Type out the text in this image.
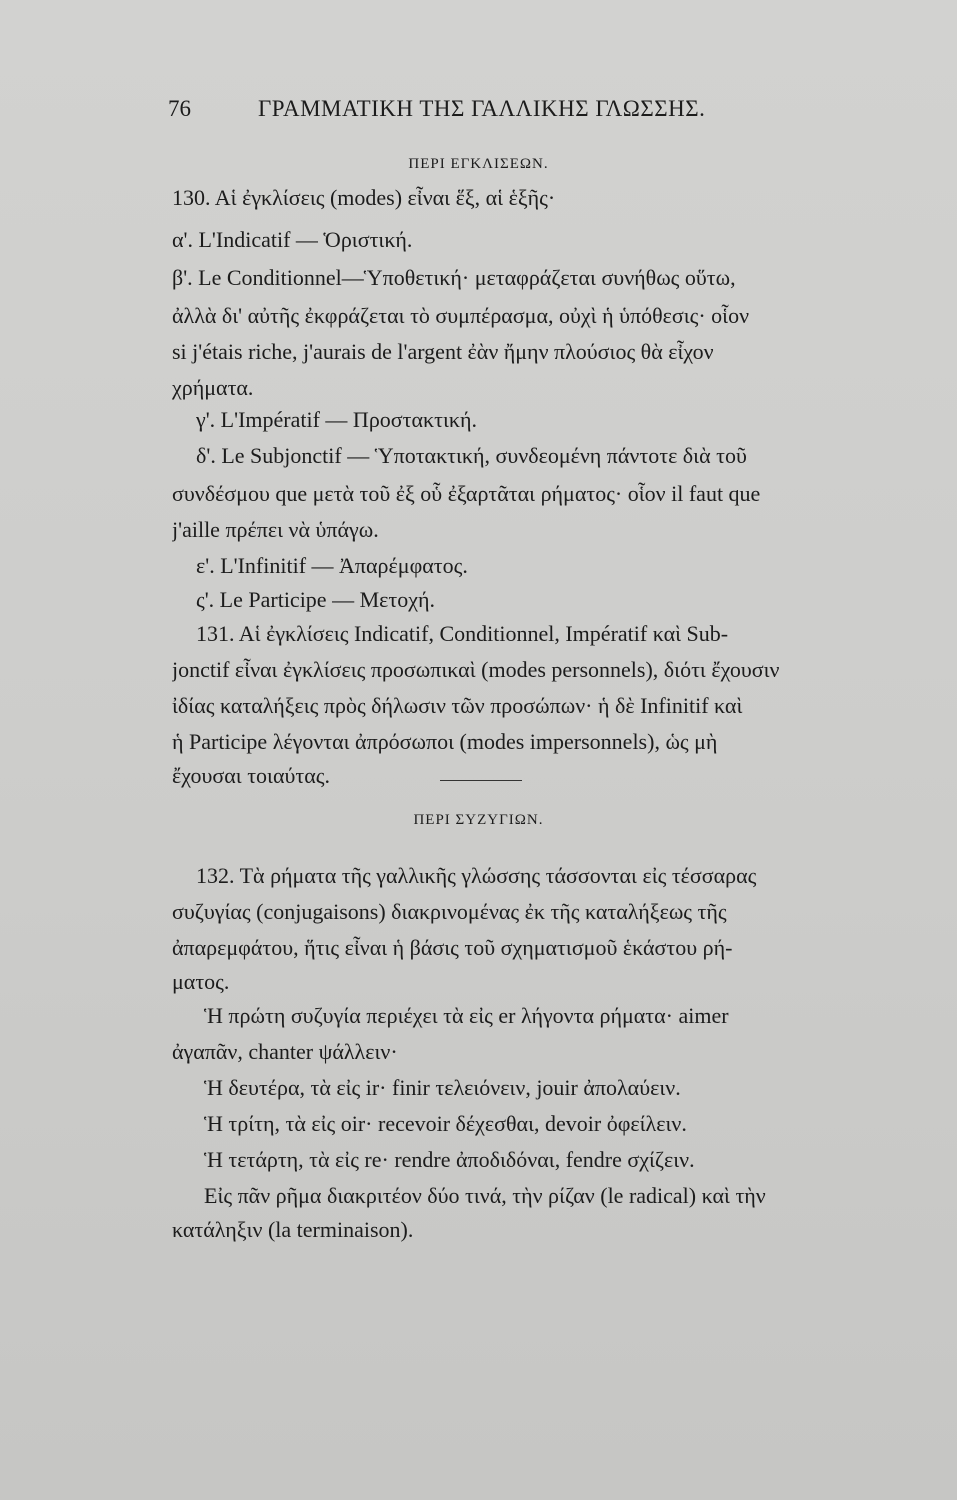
76	ΓΡΑΜΜΑΤΙΚΗ ΤΗΣ ΓΑΛΛΙΚΗΣ ΓΛΩΣΣΗΣ.
ΠΕΡΙ ΕΓΚΛΙΣΕΩΝ.
130. Αἱ ἐγκλίσεις (modes) εἶναι ἕξ, αἱ ἑξῆς·
α'. L'Indicatif — Ὁριστική.
β'. Le Conditionnel—Ὑποθετική· μεταφράζεται συνήθως οὕτω,
ἀλλὰ δι' αὐτῆς ἐκφράζεται τὸ συμπέρασμα, οὐχὶ ἡ ὑπόθεσις· οἷον
si j'étais riche, j'aurais de l'argent ἐὰν ἤμην πλούσιος θὰ εἶχον
χρήματα.
γ'. L'Impératif — Προστακτική.
δ'. Le Subjonctif — Ὑποτακτική, συνδεομένη πάντοτε διὰ τοῦ
συνδέσμου que μετὰ τοῦ ἐξ οὗ ἐξαρτᾶται ρήματος· οἷον il faut que
j'aille πρέπει νὰ ὑπάγω.
ε'. L'Infinitif — Ἀπαρέμφατος.
ς'. Le Participe — Μετοχή.
131. Αἱ ἐγκλίσεις Indicatif, Conditionnel, Impératif καὶ Sub-
jonctif εἶναι ἐγκλίσεις προσωπικαὶ (modes personnels), διότι ἔχουσιν
ἰδίας καταλήξεις πρὸς δήλωσιν τῶν προσώπων· ἡ δὲ Infinitif καὶ
ἡ Participe λέγονται ἀπρόσωποι (modes impersonnels), ὡς μὴ
ἔχουσαι τοιαύτας.
ΠΕΡΙ ΣΥΖΥΓΙΩΝ.
132. Τὰ ρήματα τῆς γαλλικῆς γλώσσης τάσσονται εἰς τέσσαρας
συζυγίας (conjugaisons) διακρινομένας ἐκ τῆς καταλήξεως τῆς
ἀπαρεμφάτου, ἥτις εἶναι ἡ βάσις τοῦ σχηματισμοῦ ἑκάστου ρή-
ματος.
Ἡ πρώτη συζυγία περιέχει τὰ εἰς er λήγοντα ρήματα· aimer
ἀγαπᾶν, chanter ψάλλειν·
Ἡ δευτέρα, τὰ εἰς ir· finir τελειόνειν, jouir ἀπολαύειν.
Ἡ τρίτη, τὰ εἰς oir· recevoir δέχεσθαι, devoir ὀφείλειν.
Ἡ τετάρτη, τὰ εἰς re· rendre ἀποδιδόναι, fendre σχίζειν.
Εἰς πᾶν ρῆμα διακριτέον δύο τινά, τὴν ρίζαν (le radical) καὶ τὴν
κατάληξιν (la terminaison).
